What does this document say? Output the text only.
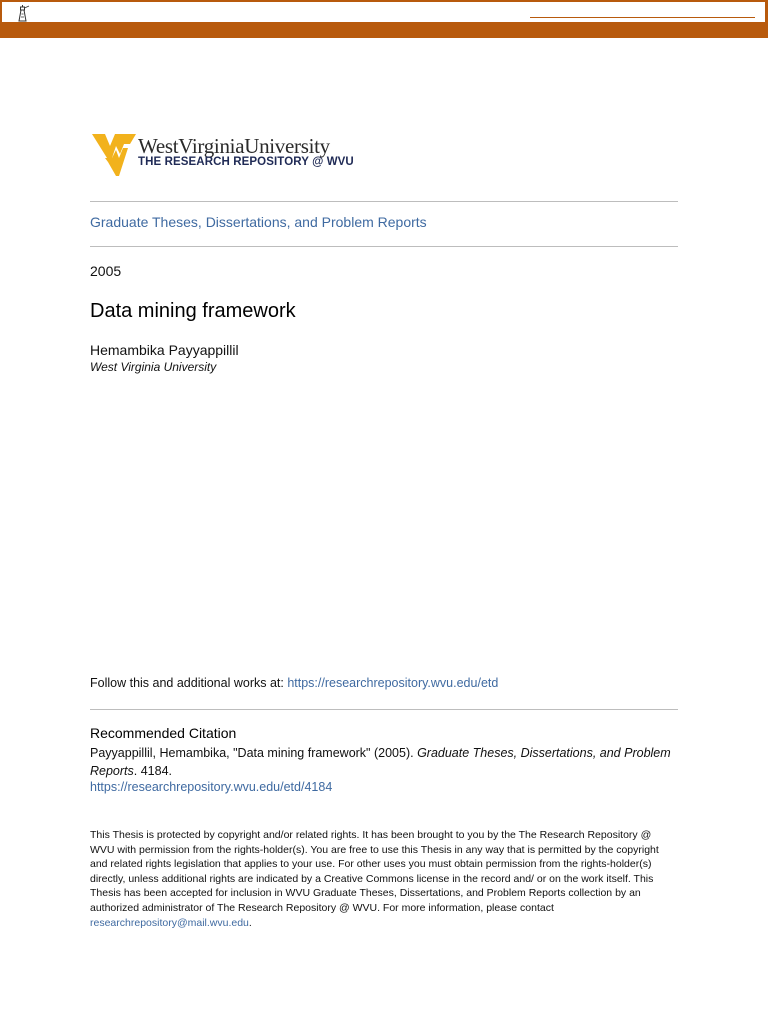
WestVirginiaUniversity
THE RESEARCH REPOSITORY @ WVU
Graduate Theses, Dissertations, and Problem Reports
2005
Data mining framework
Hemambika Payyappillil
West Virginia University
Follow this and additional works at: https://researchrepository.wvu.edu/etd
Recommended Citation
Payyappillil, Hemambika, "Data mining framework" (2005). Graduate Theses, Dissertations, and Problem Reports. 4184.
https://researchrepository.wvu.edu/etd/4184
This Thesis is protected by copyright and/or related rights. It has been brought to you by the The Research Repository @ WVU with permission from the rights-holder(s). You are free to use this Thesis in any way that is permitted by the copyright and related rights legislation that applies to your use. For other uses you must obtain permission from the rights-holder(s) directly, unless additional rights are indicated by a Creative Commons license in the record and/ or on the work itself. This Thesis has been accepted for inclusion in WVU Graduate Theses, Dissertations, and Problem Reports collection by an authorized administrator of The Research Repository @ WVU. For more information, please contact researchrepository@mail.wvu.edu.
